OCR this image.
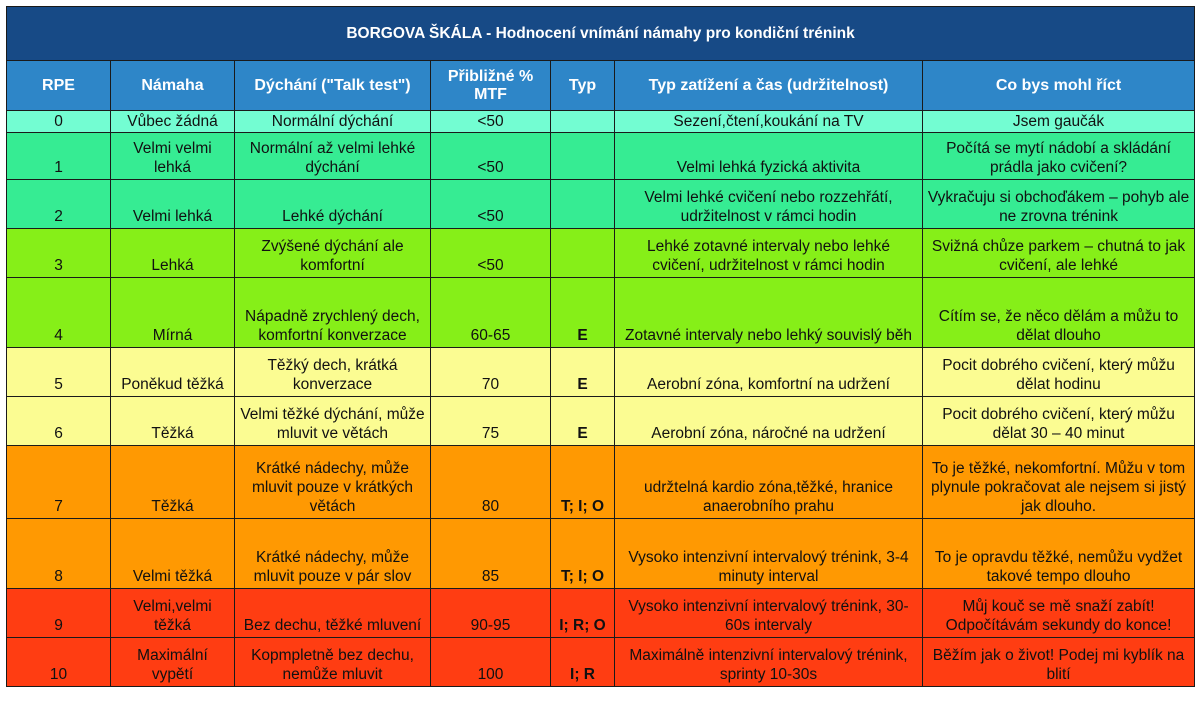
BORGOVA ŠKÁLA - Hodnocení vnímání námahy pro kondiční trénink						
RPE	Námaha	Dýchání ("Talk test")	Přibližné % MTF	Typ	Typ zatížení a čas (udržitelnost)	Co bys mohl říct
0	Vůbec žádná	Normální dýchání	<50		Sezení,čtení,koukání na TV	Jsem gaučák
1	Velmi velmi lehká	Normální až velmi lehké dýchání	<50		Velmi lehká fyzická aktivita	Počítá se mytí nádobí a skládání prádla jako cvičení?
2	Velmi lehká	Lehké dýchání	<50		Velmi lehké cvičení nebo rozzehřátí, udržitelnost v rámci hodin	Vykračuju si obchoďákem – pohyb ale ne zrovna trénink
3	Lehká	Zvýšené dýchání ale komfortní	<50		Lehké zotavné intervaly nebo lehké cvičení, udržitelnost v rámci hodin	Svižná chůze parkem – chutná to jak cvičení, ale lehké
4	Mírná	Nápadně zrychlený dech, komfortní konverzace	60-65	E	Zotavné intervaly nebo lehký souvislý běh	Cítím se, že něco dělám a můžu to dělat dlouho
5	Poněkud těžká	Těžký dech, krátká konverzace	70	E	Aerobní zóna, komfortní na udržení	Pocit dobrého cvičení, který můžu dělat hodinu
6	Těžká	Velmi těžké dýchání, může mluvit ve větách	75	E	Aerobní zóna, náročné na udržení	Pocit dobrého cvičení, který můžu dělat 30 – 40 minut
7	Těžká	Krátké nádechy, může mluvit pouze v krátkých větách	80	T; I; O	udržtelná kardio zóna,těžké, hranice anaerobního prahu	To je těžké, nekomfortní. Můžu v tom plynule pokračovat ale nejsem si jistý jak dlouho.
8	Velmi těžká	Krátké nádechy, může mluvit pouze v pár slov	85	T; I; O	Vysoko intenzivní intervalový trénink, 3-4 minuty interval	To je opravdu těžké, nemůžu vydžet takové tempo dlouho
9	Velmi,velmi těžká	Bez dechu, těžké mluvení	90-95	I; R; O	Vysoko intenzivní intervalový trénink, 30-60s intervaly	Můj kouč se mě snaží zabít! Odpočítávám sekundy do konce!
10	Maximální vypětí	Kopmpletně bez dechu, nemůže mluvit	100	I; R	Maximálně intenzivní intervalový trénink, sprinty 10-30s	Běžím jak o život! Podej mi kyblík na blití
